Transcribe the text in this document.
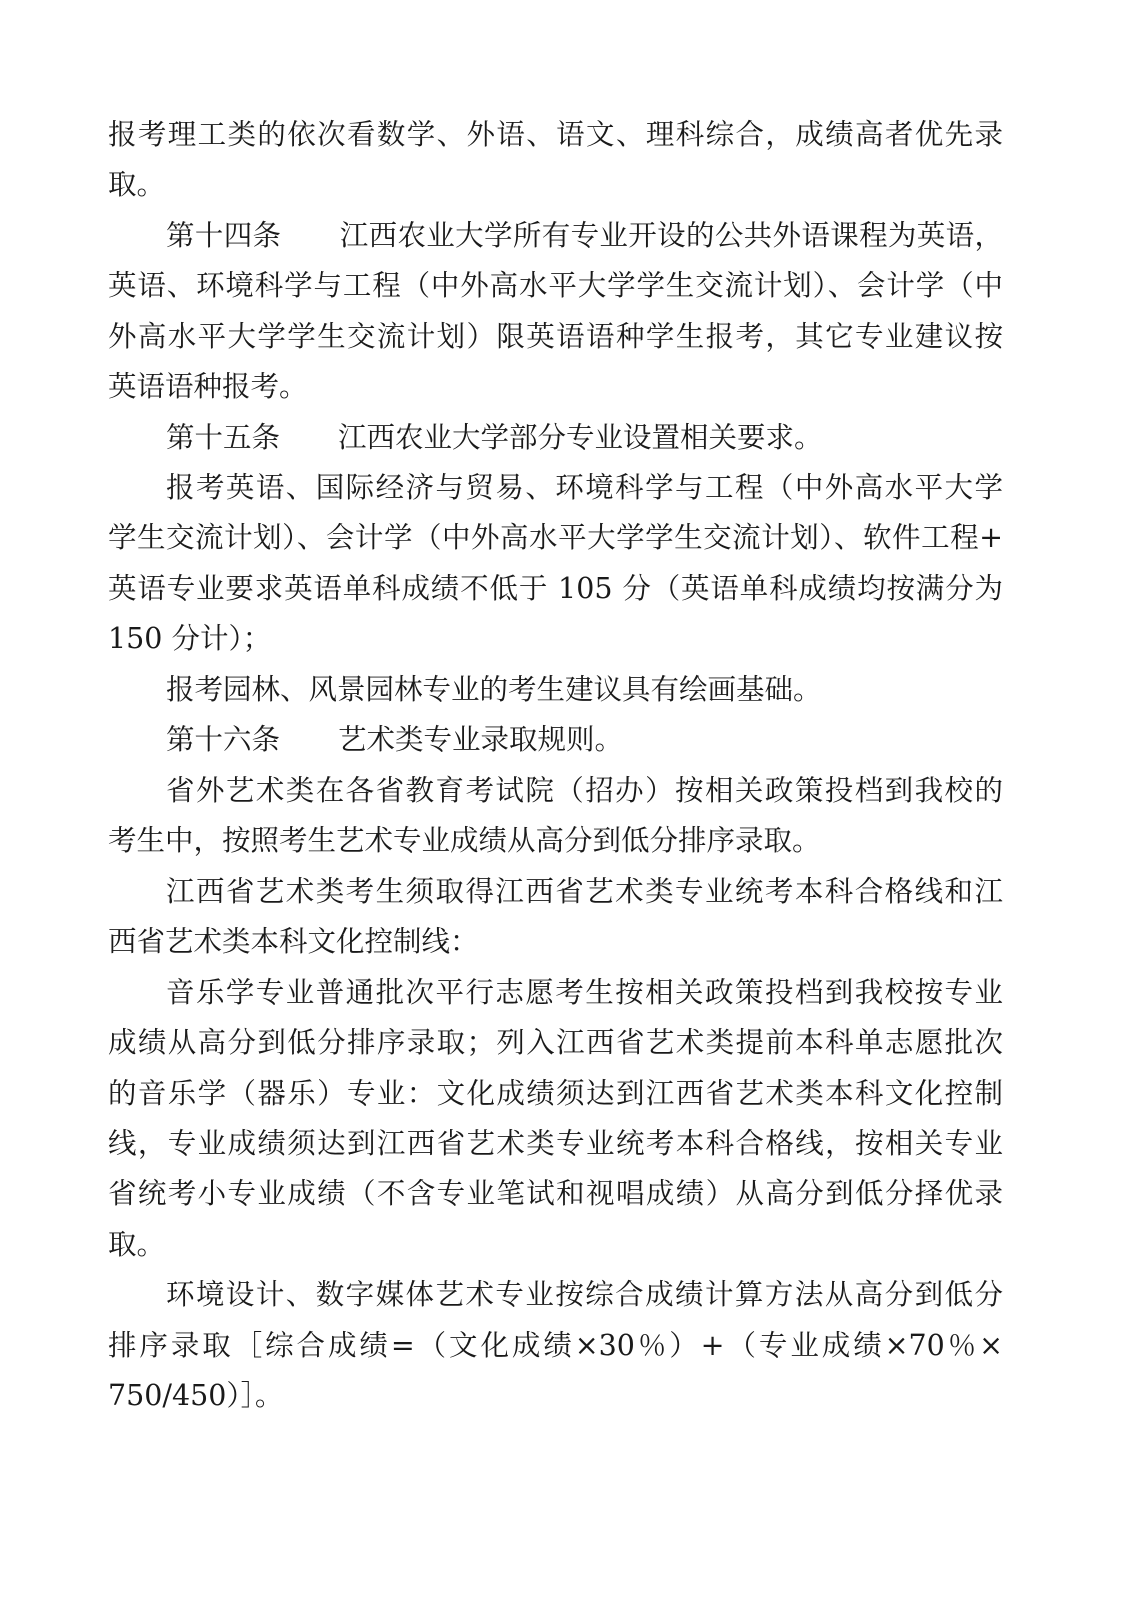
报考理工类的依次看数学、外语、语文、理科综合，成绩高者优先录
取。
第十四条 江西农业大学所有专业开设的公共外语课程为英语，
英语、环境科学与工程（中外高水平大学学生交流计划）、会计学（中
外高水平大学学生交流计划）限英语语种学生报考，其它专业建议按
英语语种报考。
第十五条 江西农业大学部分专业设置相关要求。
报考英语、国际经济与贸易、环境科学与工程（中外高水平大学
学生交流计划）、会计学（中外高水平大学学生交流计划）、软件工程+
英语专业要求英语单科成绩不低于 105 分（英语单科成绩均按满分为
150 分计）；
报考园林、风景园林专业的考生建议具有绘画基础。
第十六条 艺术类专业录取规则。
省外艺术类在各省教育考试院（招办）按相关政策投档到我校的
考生中，按照考生艺术专业成绩从高分到低分排序录取。
江西省艺术类考生须取得江西省艺术类专业统考本科合格线和江
西省艺术类本科文化控制线：
音乐学专业普通批次平行志愿考生按相关政策投档到我校按专业
成绩从高分到低分排序录取；列入江西省艺术类提前本科单志愿批次
的音乐学（器乐）专业：文化成绩须达到江西省艺术类本科文化控制
线，专业成绩须达到江西省艺术类专业统考本科合格线，按相关专业
省统考小专业成绩（不含专业笔试和视唱成绩）从高分到低分择优录
取。
环境设计、数字媒体艺术专业按综合成绩计算方法从高分到低分
排序录取［综合成绩=（文化成绩×30％）+（专业成绩×70％×
750/450）］。
